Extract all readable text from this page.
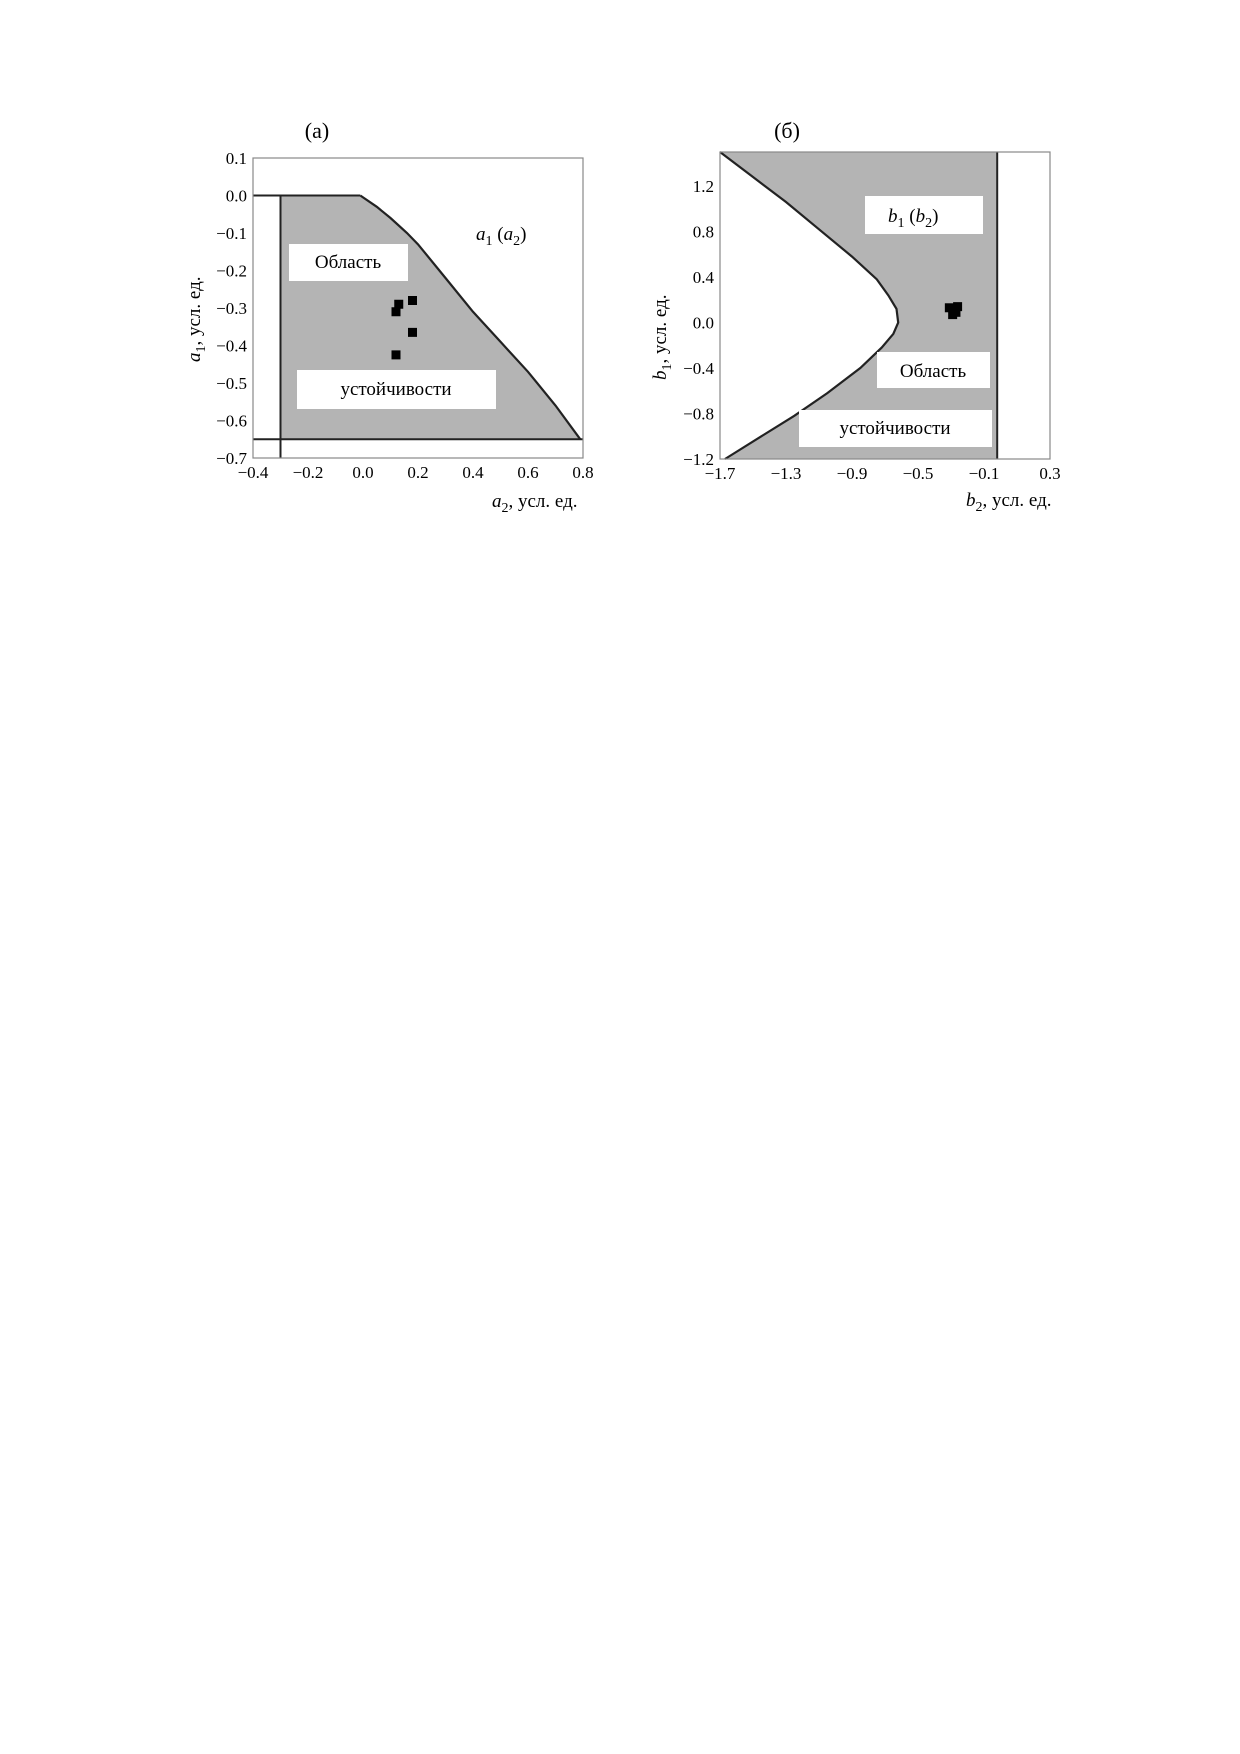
−0.4 −0.2 0.0 0.2 0.4 0.6 0.8
0.1
0.0
−0.1
−0.2
−0.3
−0.4
−0.5
−0.6
−0.7
(а)
$a_1$ $(a_2)$
Область
устойчивости
$a_2$, усл. ед.
$a_1$, усл. ед.
−1.7 −1.3 −0.9 −0.5 −0.1 0.3
1.2
0.8
0.4
0.0
−0.4
−0.8
−1.2
(б)
$b_1$ $(b_2)$
Область
устойчивости
$b_2$, усл. ед.
$b_1$, усл. ед.
